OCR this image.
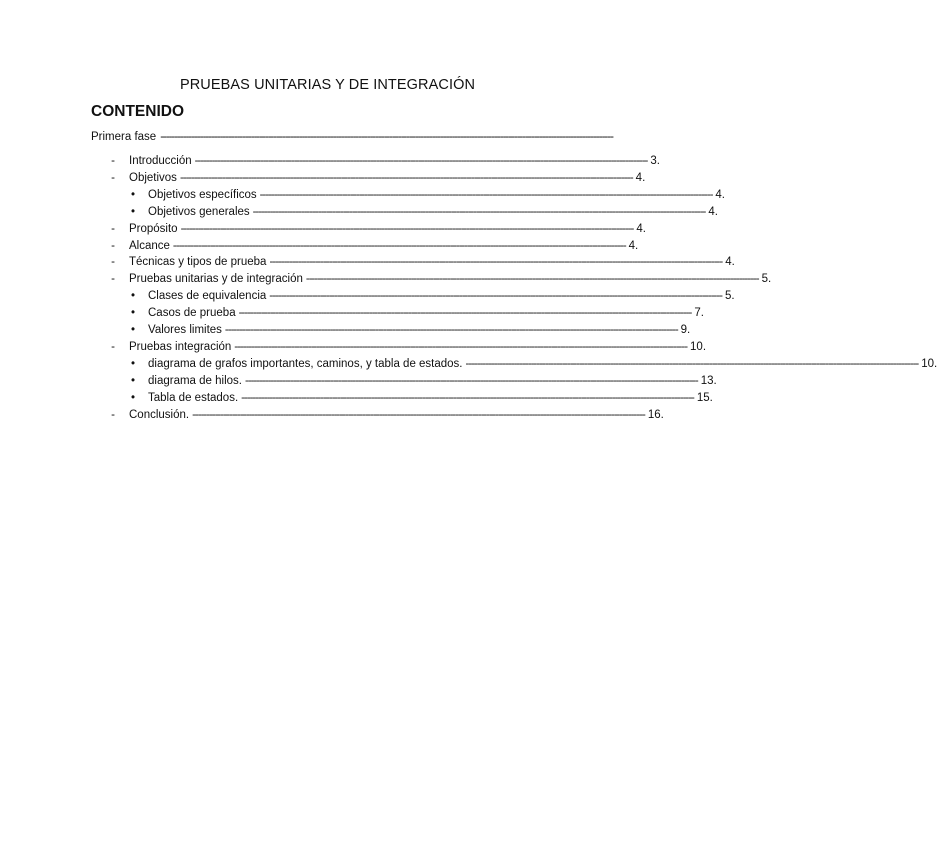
PRUEBAS UNITARIAS Y DE INTEGRACIÓN
CONTENIDO
Primera fase ----------------------------------------------------------------------------------------------------------------------------------------------------------------
- Introducción ---------------------------------------------------------------------------------------------------------------------------------------------------------------- 3.
- Objetivos ---------------------------------------------------------------------------------------------------------------------------------------------------------------- 4.
• Objetivos específicos ---------------------------------------------------------------------------------------------------------------------------------------------------------------- 4.
• Objetivos generales ---------------------------------------------------------------------------------------------------------------------------------------------------------------- 4.
- Propósito ---------------------------------------------------------------------------------------------------------------------------------------------------------------- 4.
- Alcance ---------------------------------------------------------------------------------------------------------------------------------------------------------------- 4.
- Técnicas y tipos de prueba ---------------------------------------------------------------------------------------------------------------------------------------------------------------- 4.
- Pruebas unitarias y de integración ---------------------------------------------------------------------------------------------------------------------------------------------------------------- 5.
• Clases de equivalencia ---------------------------------------------------------------------------------------------------------------------------------------------------------------- 5.
• Casos de prueba ---------------------------------------------------------------------------------------------------------------------------------------------------------------- 7.
• Valores limites ---------------------------------------------------------------------------------------------------------------------------------------------------------------- 9.
- Pruebas integración ---------------------------------------------------------------------------------------------------------------------------------------------------------------- 10.
• diagrama de grafos importantes, caminos, y tabla de estados. ---------------------------------------------------------------------------------------------------------------------------------------------------------------- 10.
• diagrama de hilos. ---------------------------------------------------------------------------------------------------------------------------------------------------------------- 13.
• Tabla de estados. ---------------------------------------------------------------------------------------------------------------------------------------------------------------- 15.
- Conclusión. ---------------------------------------------------------------------------------------------------------------------------------------------------------------- 16.
